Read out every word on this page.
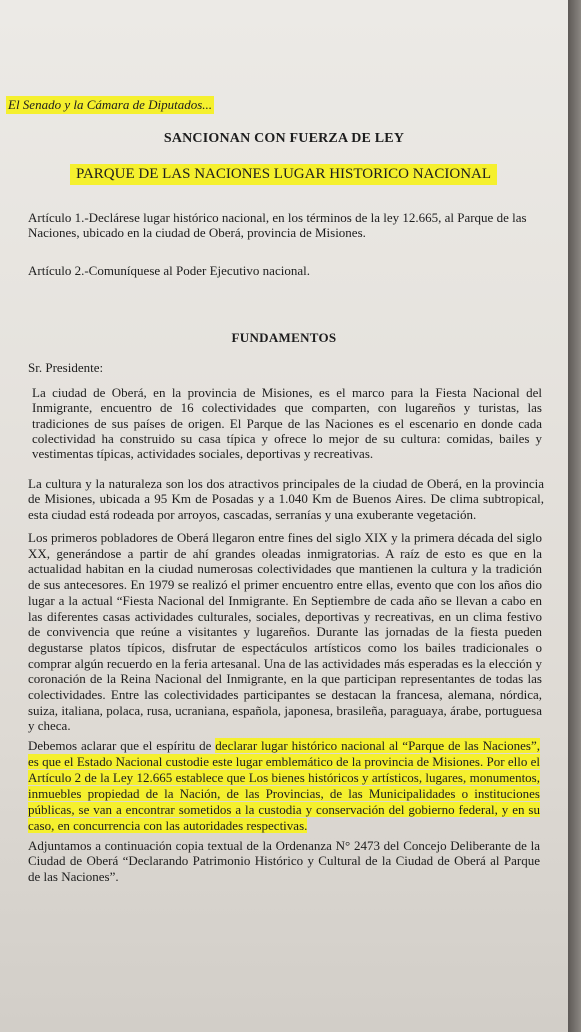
El Senado y la Cámara de Diputados...
SANCIONAN CON FUERZA DE LEY
PARQUE DE LAS NACIONES LUGAR HISTORICO NACIONAL
Artículo 1.-Declárese lugar histórico nacional, en los términos de la ley 12.665, al Parque de las Naciones, ubicado en la ciudad de Oberá, provincia de Misiones.
Artículo 2.-Comuníquese al Poder Ejecutivo nacional.
FUNDAMENTOS
Sr. Presidente:
La ciudad de Oberá, en la provincia de Misiones, es el marco para la Fiesta Nacional del Inmigrante, encuentro de 16 colectividades que comparten, con lugareños y turistas, las tradiciones de sus países de origen. El Parque de las Naciones es el escenario en donde cada colectividad ha construido su casa típica y ofrece lo mejor de su cultura: comidas, bailes y vestimentas típicas, actividades sociales, deportivas y recreativas.
La cultura y la naturaleza son los dos atractivos principales de la ciudad de Oberá, en la provincia de Misiones, ubicada a 95 Km de Posadas y a 1.040 Km de Buenos Aires. De clima subtropical, esta ciudad está rodeada por arroyos, cascadas, serranías y una exuberante vegetación.
Los primeros pobladores de Oberá llegaron entre fines del siglo XIX y la primera década del siglo XX, generándose a partir de ahí grandes oleadas inmigratorias. A raíz de esto es que en la actualidad habitan en la ciudad numerosas colectividades que mantienen la cultura y la tradición de sus antecesores. En 1979 se realizó el primer encuentro entre ellas, evento que con los años dio lugar a la actual “Fiesta Nacional del Inmigrante. En Septiembre de cada año se llevan a cabo en las diferentes casas actividades culturales, sociales, deportivas y recreativas, en un clima festivo de convivencia que reúne a visitantes y lugareños. Durante las jornadas de la fiesta pueden degustarse platos típicos, disfrutar de espectáculos artísticos como los bailes tradicionales o comprar algún recuerdo en la feria artesanal. Una de las actividades más esperadas es la elección y coronación de la Reina Nacional del Inmigrante, en la que participan representantes de todas las colectividades. Entre las colectividades participantes se destacan la francesa, alemana, nórdica, suiza, italiana, polaca, rusa, ucraniana, española, japonesa, brasileña, paraguaya, árabe, portuguesa y checa.
Debemos aclarar que el espíritu de declarar lugar histórico nacional al “Parque de las Naciones”, es que el Estado Nacional custodie este lugar emblemático de la provincia de Misiones. Por ello el Artículo 2 de la Ley 12.665 establece que Los bienes históricos y artísticos, lugares, monumentos, inmuebles propiedad de la Nación, de las Provincias, de las Municipalidades o instituciones públicas, se van a encontrar sometidos a la custodia y conservación del gobierno federal, y en su caso, en concurrencia con las autoridades respectivas.
Adjuntamos a continuación copia textual de la Ordenanza N° 2473 del Concejo Deliberante de la Ciudad de Oberá “Declarando Patrimonio Histórico y Cultural de la Ciudad de Oberá al Parque de las Naciones”.
